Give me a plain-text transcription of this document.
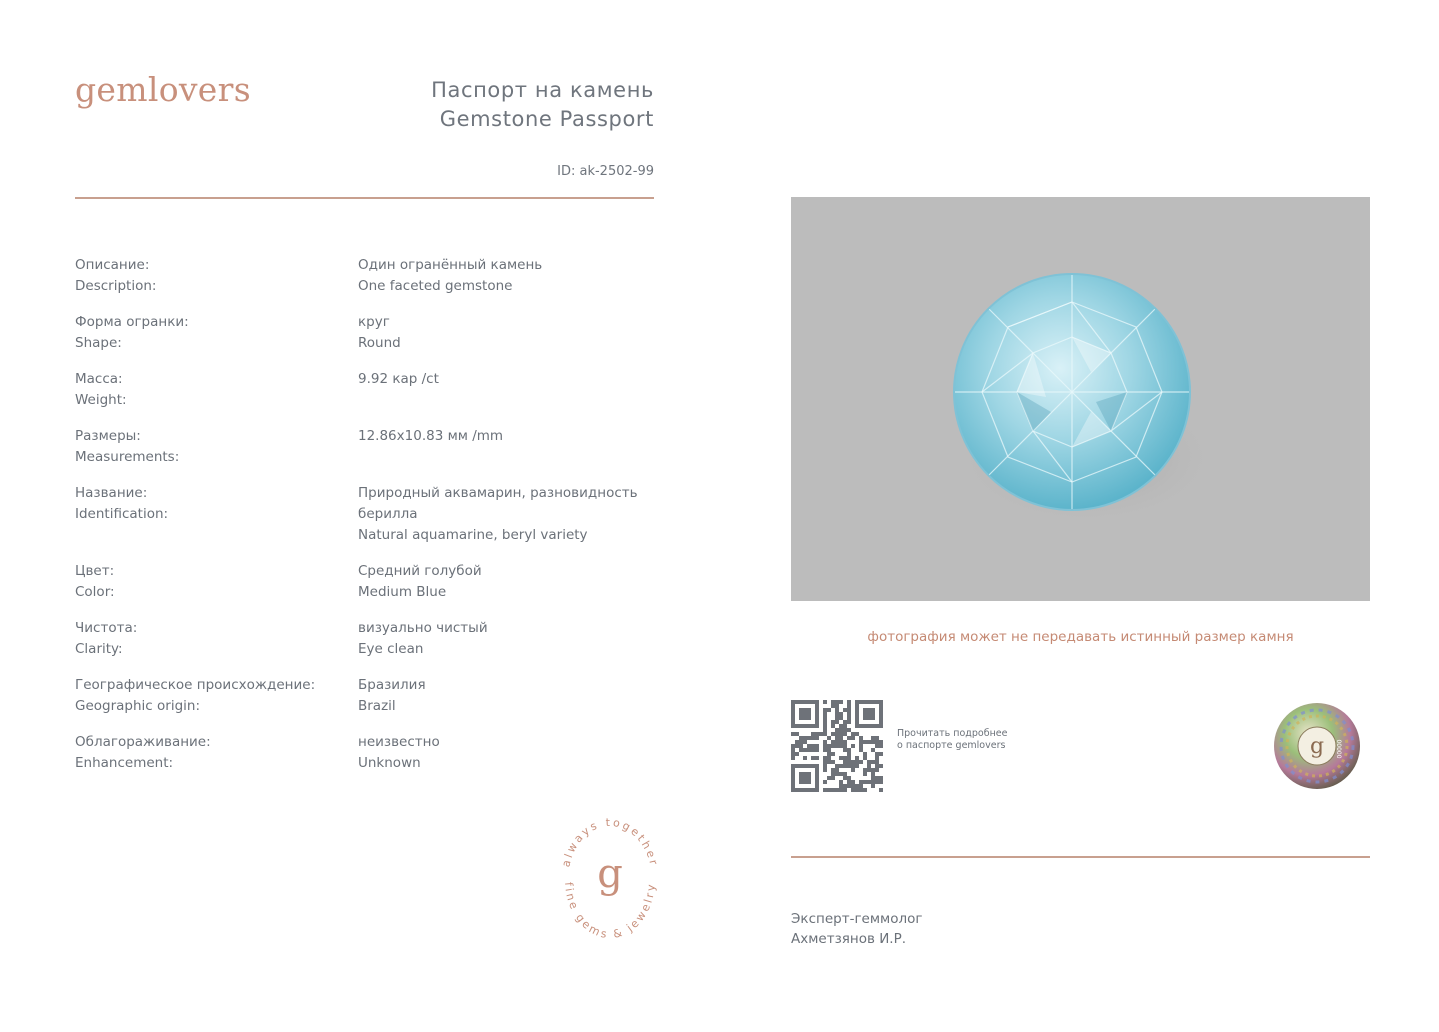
gemlovers	Паспорт на камень
Gemstone Passport
ID: ak-2502-99
Описание:
Description:
Один огранённый камень
One faceted gemstone
Форма огранки:
Shape:
круг
Round
Масса:
Weight:
9.92 кар /ct
Размеры:
Measurements:
12.86х10.83 мм /mm
Название:
Identification:
Природный аквамарин, разновидность
берилла
Natural aquamarine, beryl variety
Цвет:
Color:
Средний голубой
Medium Blue
Чистота:
Clarity:
визуально чистый
Eye clean
Географическое происхождение:
Geographic origin:
Бразилия
Brazil
Облагораживание:
Enhancement:
неизвестно
Unknown
фотография может не передавать истинный размер камня
Прочитать подробнее
о паспорте gemlovers	g 00000
always together
fine gems & jewelry
g
Эксперт-геммолог
Ахметзянов И.Р.
